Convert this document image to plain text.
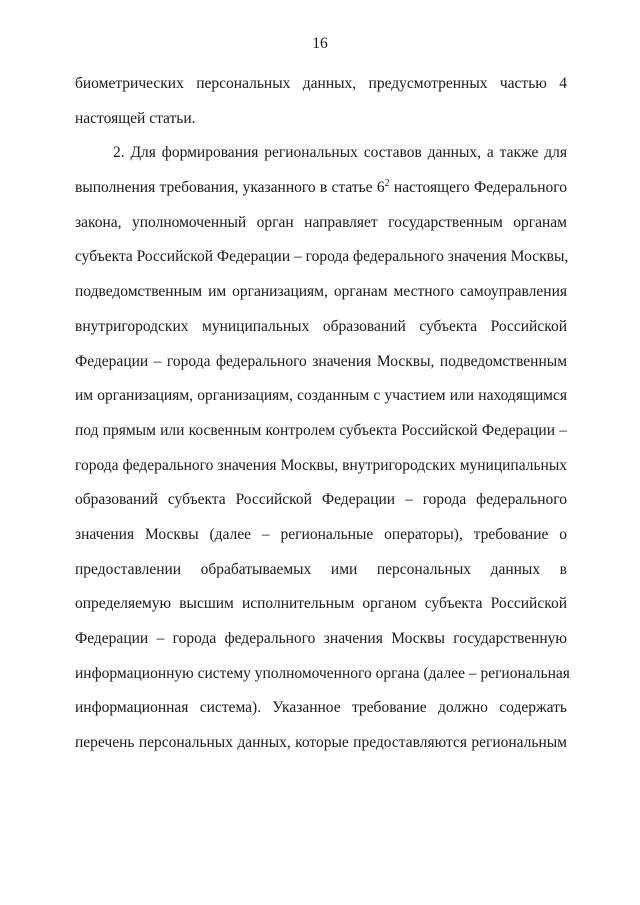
16
биометрических персональных данных, предусмотренных частью 4
настоящей статьи.
2. Для формирования региональных составов данных, а также для
выполнения требования, указанного в статье $6^2$ настоящего Федерального
закона, уполномоченный орган направляет государственным органам
субъекта Российской Федерации – города федерального значения Москвы,
подведомственным им организациям, органам местного самоуправления
внутригородских муниципальных образований субъекта Российской
Федерации – города федерального значения Москвы, подведомственным
им организациям, организациям, созданным с участием или находящимся
под прямым или косвенным контролем субъекта Российской Федерации –
города федерального значения Москвы, внутригородских муниципальных
образований субъекта Российской Федерации – города федерального
значения Москвы (далее – региональные операторы), требование о
предоставлении обрабатываемых ими персональных данных в
определяемую высшим исполнительным органом субъекта Российской
Федерации – города федерального значения Москвы государственную
информационную систему уполномоченного органа (далее – региональная
информационная система). Указанное требование должно содержать
перечень персональных данных, которые предоставляются региональным
